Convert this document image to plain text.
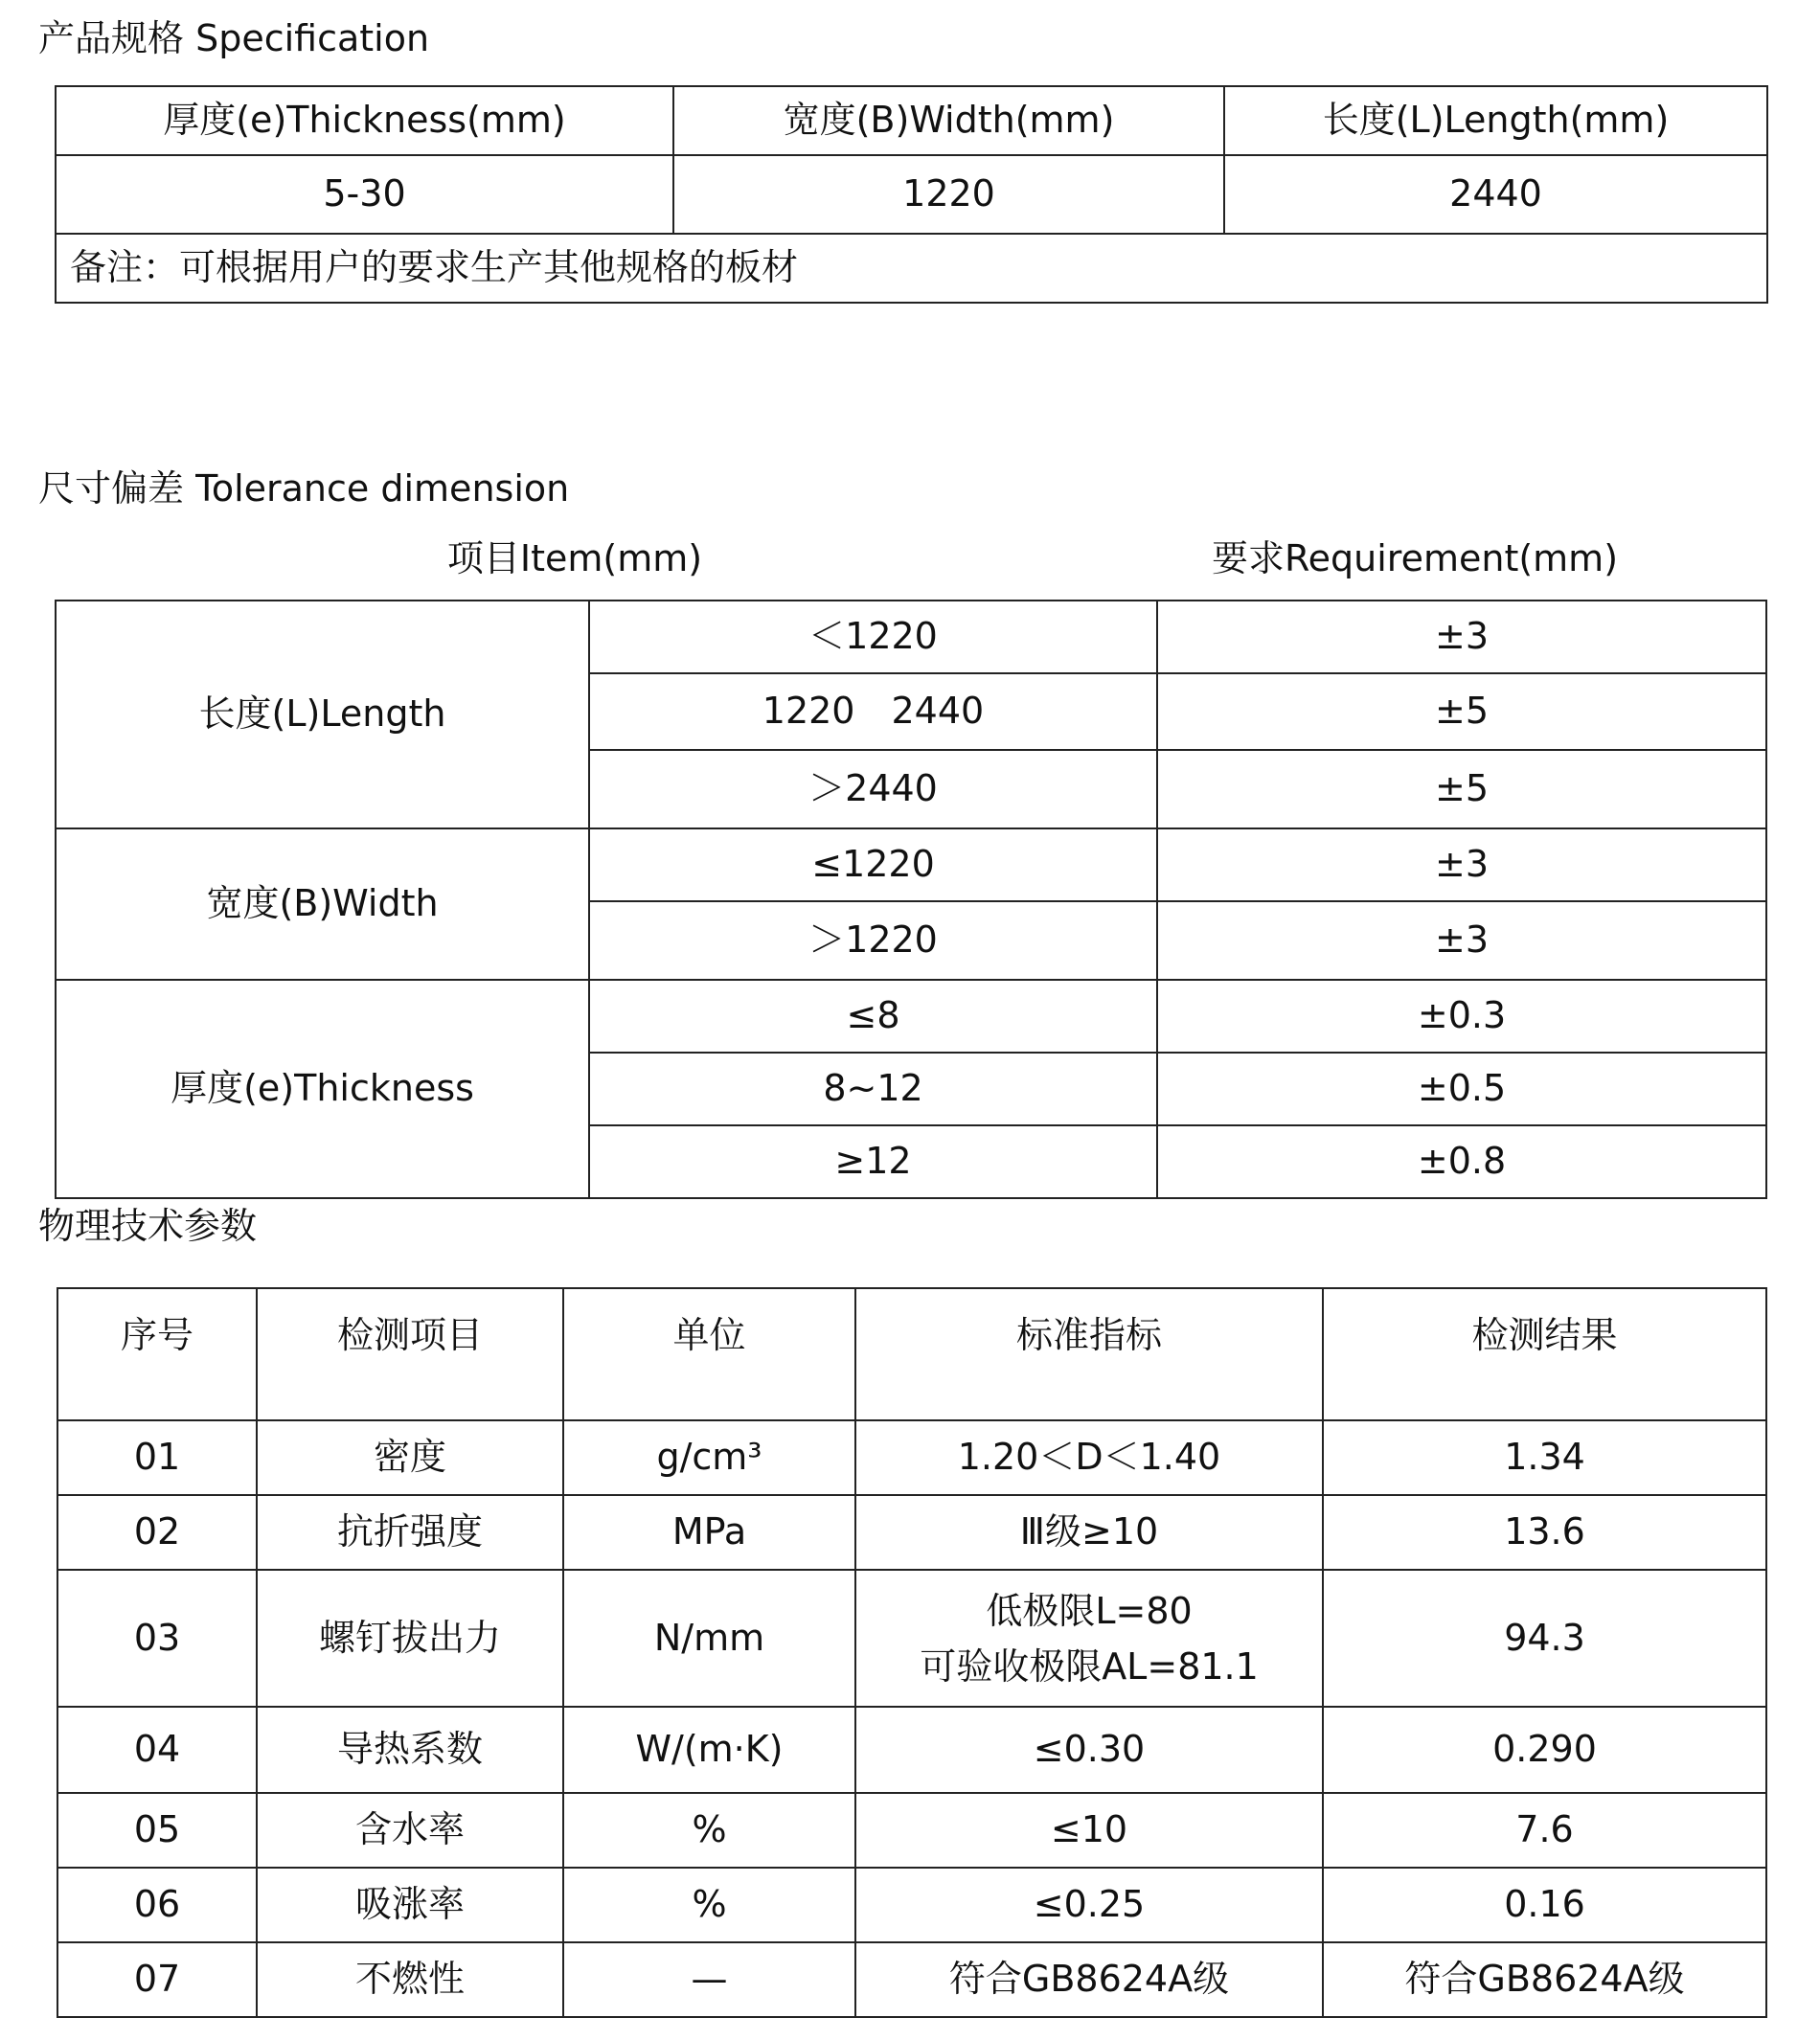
产品规格 Specification
厚度(e)Thickness(mm)	宽度(B)Width(mm)	长度(L)Length(mm)
5-30	1220	2440
备注：可根据用户的要求生产其他规格的板材		
尺寸偏差 Tolerance dimension
项目Item(mm)	要求Requirement(mm)
长度(L)Length	＜1220	±3
	1220　2440	±5
	＞2440	±5
宽度(B)Width	≤1220	±3
	＞1220	±3
厚度(e)Thickness	≤8	±0.3
	8~12	±0.5
	≥12	±0.8
物理技术参数
序号	检测项目	单位	标准指标	检测结果
01	密度	g/cm³	1.20＜D＜1.40	1.34
02	抗折强度	MPa	Ⅲ级≥10	13.6
03	螺钉拔出力	N/mm	低极限L=80
可验收极限AL=81.1	94.3
04	导热系数	W/(m·K)	≤0.30	0.290
05	含水率	%	≤10	7.6
06	吸涨率	%	≤0.25	0.16
07	不燃性	—	符合GB8624A级	符合GB8624A级
